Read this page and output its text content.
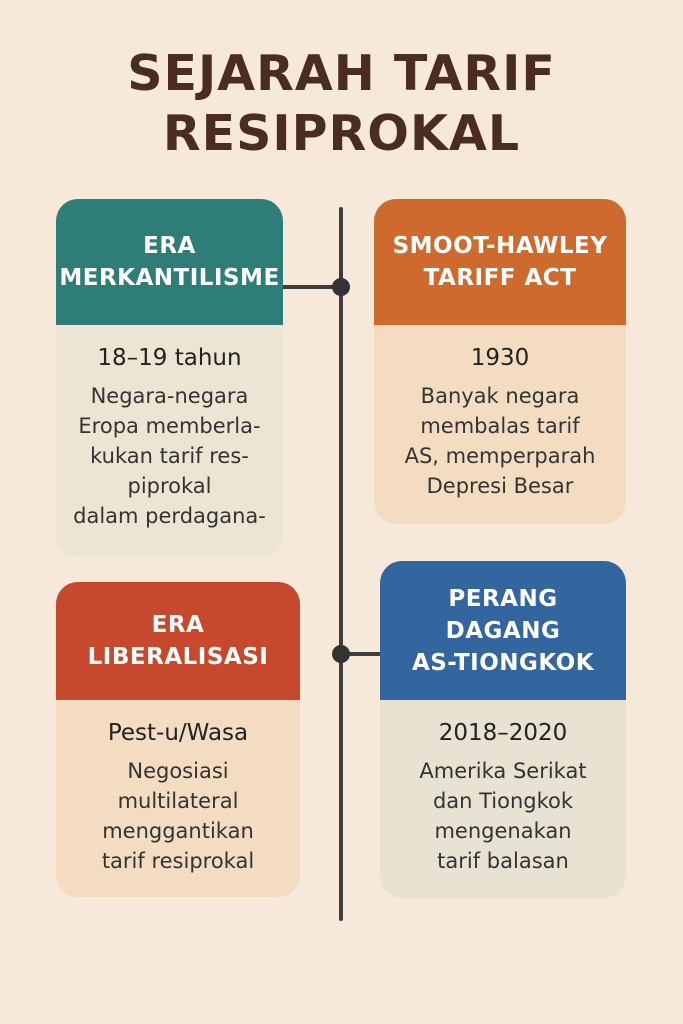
SEJARAH TARIF
RESIPROKAL
ERA
MERKANTILISME
18–19 tahun
Negara-negara
Eropa memberla-
kukan tarif res-
piprokal
dalam perdagana-
SMOOT-HAWLEY
TARIFF ACT
1930
Banyak negara
membalas tarif
AS, memperparah
Depresi Besar
ERA
LIBERALISASI
Pest-u/Wasa
Negosiasi
multilateral
menggantikan
tarif resiprokal
PERANG
DAGANG
AS-TIONGKOK
2018–2020
Amerika Serikat
dan Tiongkok
mengenakan
tarif balasan
